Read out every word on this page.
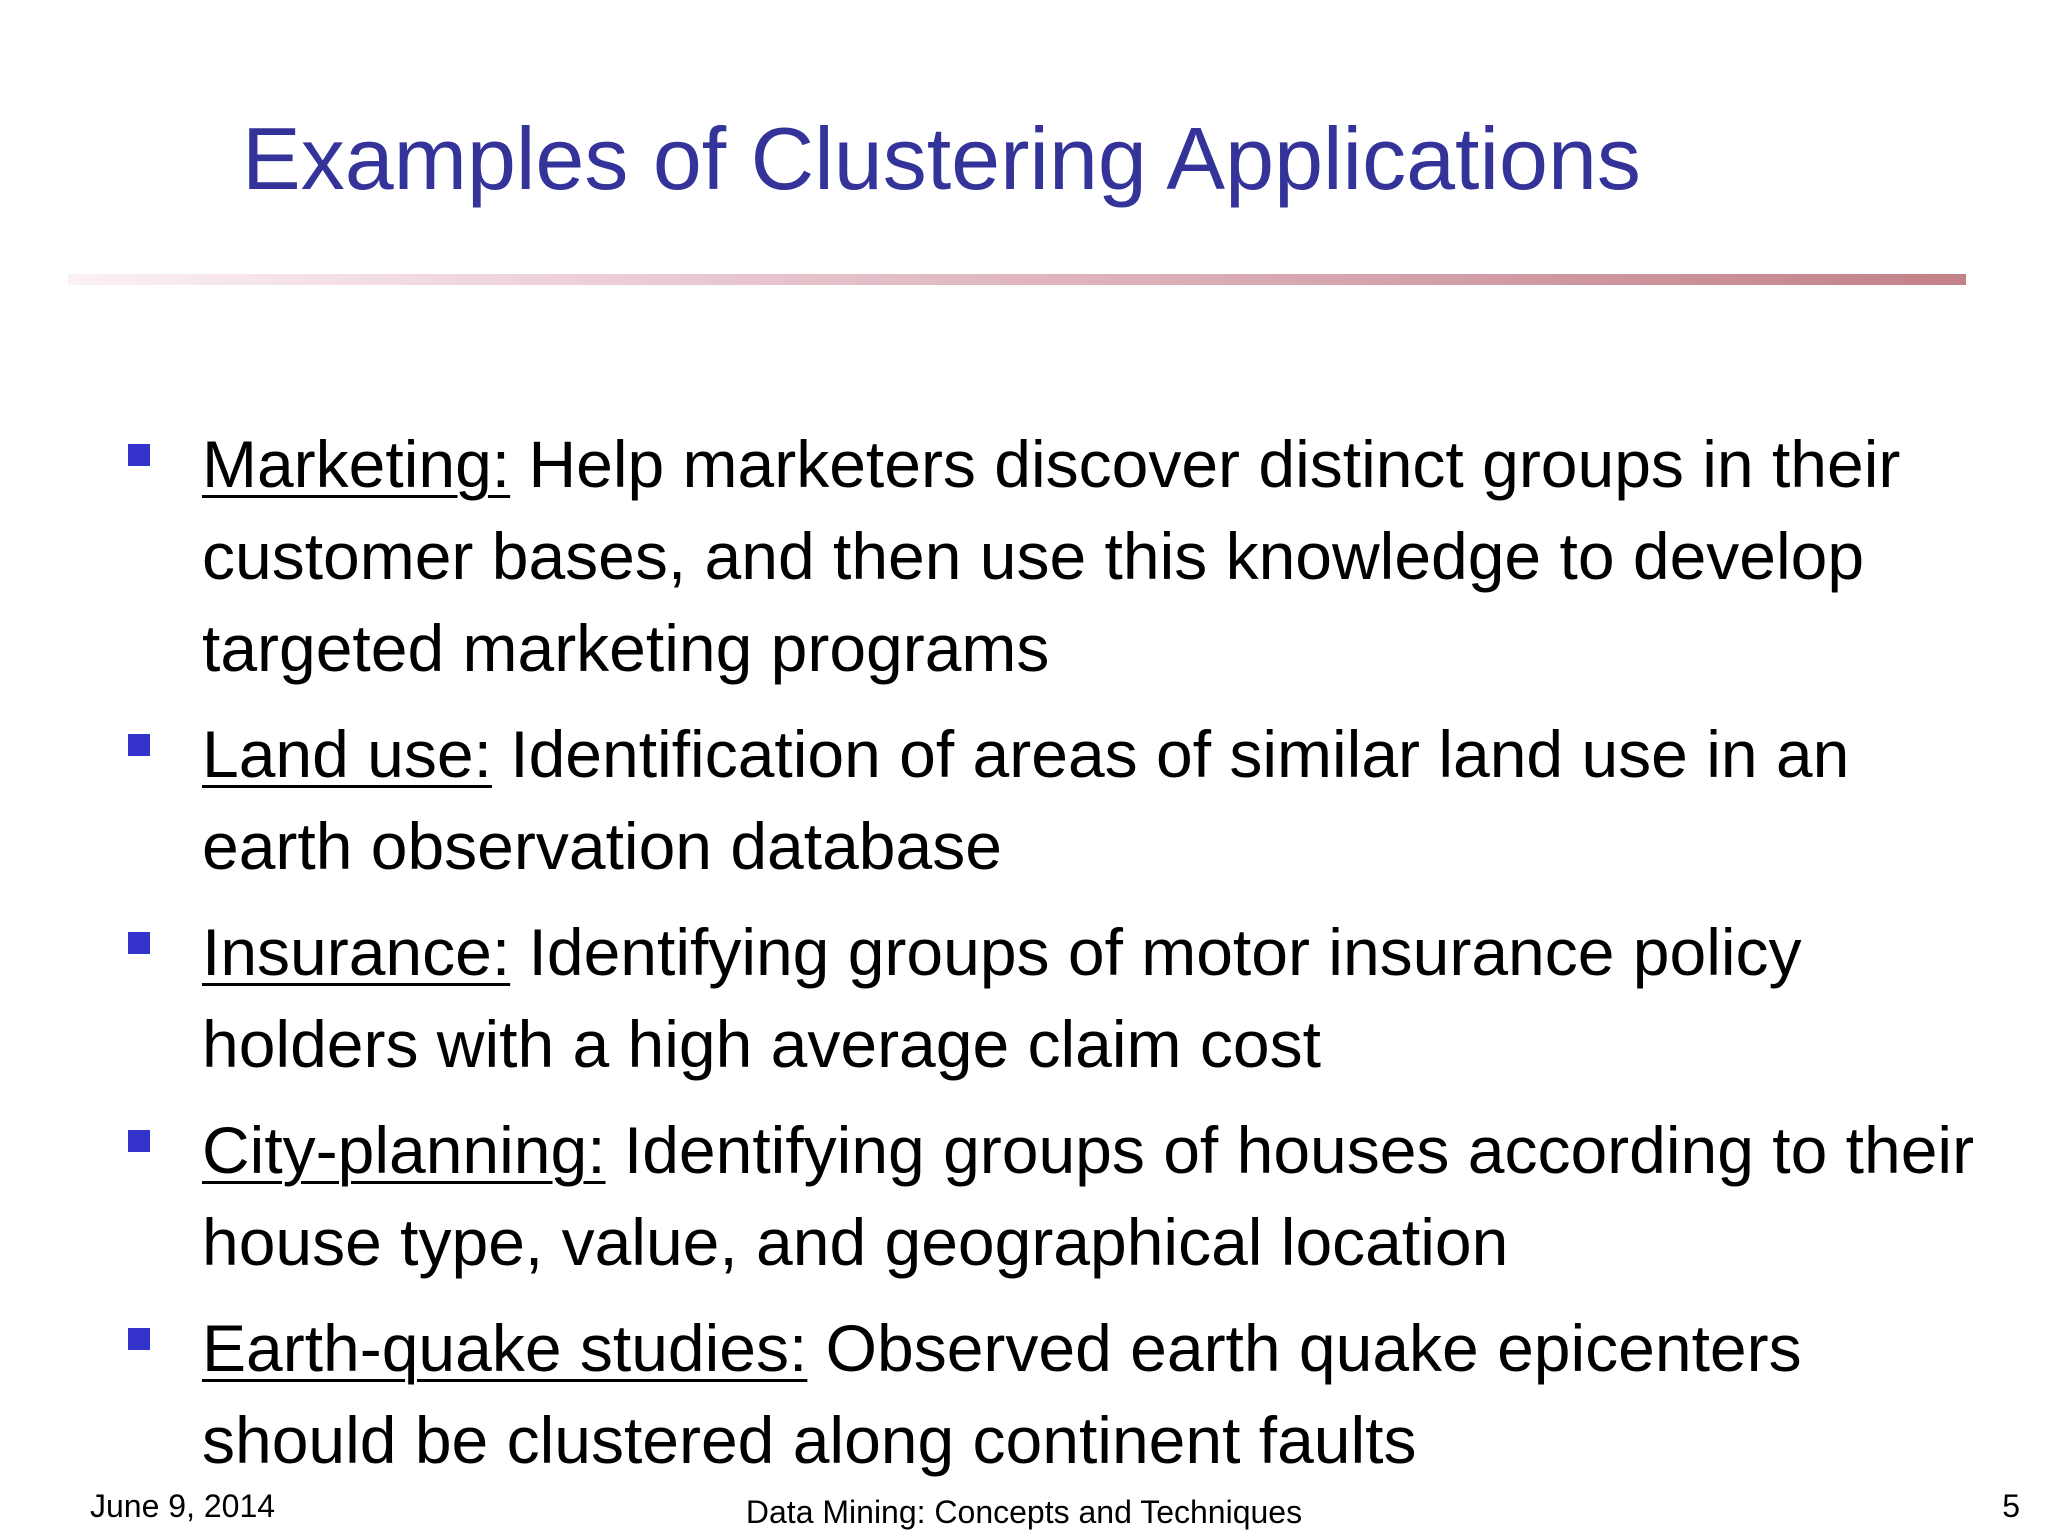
Examples of Clustering Applications
Marketing: Help marketers discover distinct groups in their customer bases, and then use this knowledge to develop targeted marketing programs
Land use: Identification of areas of similar land use in an earth observation database
Insurance: Identifying groups of motor insurance policy holders with a high average claim cost
City-planning: Identifying groups of houses according to their house type, value, and geographical location
Earth-quake studies: Observed earth quake epicenters should be clustered along continent faults
June 9, 2014	Data Mining: Concepts and Techniques	5
